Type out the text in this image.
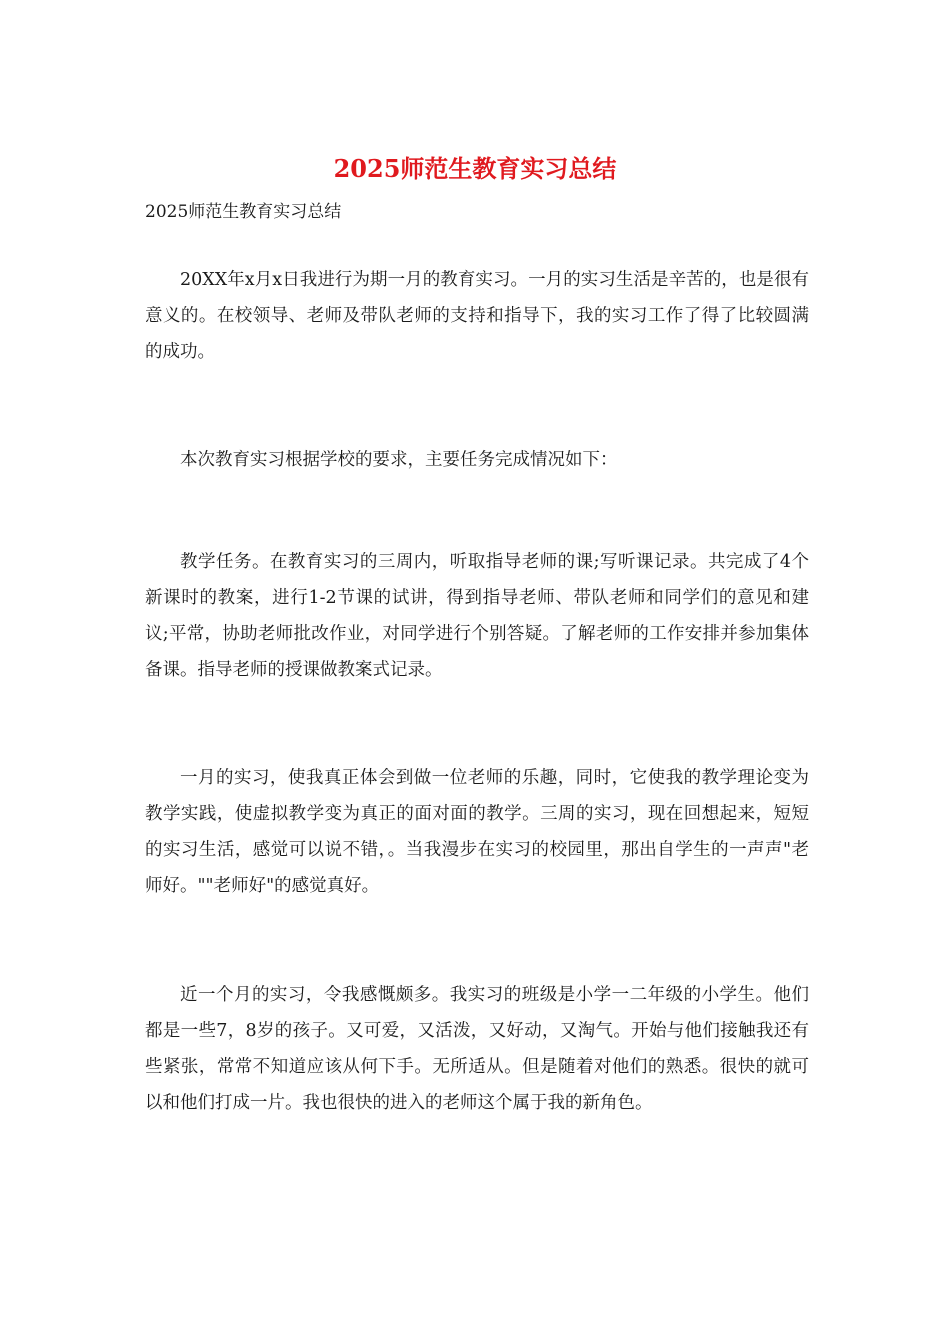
2025师范生教育实习总结

2025师范生教育实习总结

20XX年x月x日我进行为期一月的教育实习。一月的实习生活是辛苦的，也是很有意义的。在校领导、老师及带队老师的支持和指导下，我的实习工作了得了比较圆满的成功。

本次教育实习根据学校的要求，主要任务完成情况如下：

教学任务。在教育实习的三周内，听取指导老师的课;写听课记录。共完成了4个新课时的教案，进行1-2节课的试讲，得到指导老师、带队老师和同学们的意见和建议;平常，协助老师批改作业，对同学进行个别答疑。了解老师的工作安排并参加集体备课。指导老师的授课做教案式记录。

一月的实习，使我真正体会到做一位老师的乐趣，同时，它使我的教学理论变为教学实践，使虚拟教学变为真正的面对面的教学。三周的实习，现在回想起来，短短的实习生活，感觉可以说不错，。当我漫步在实习的校园里，那出自学生的一声声"老师好。""老师好"的感觉真好。

近一个月的实习，令我感慨颇多。我实习的班级是小学一二年级的小学生。他们都是一些7，8岁的孩子。又可爱，又活泼，又好动，又淘气。开始与他们接触我还有些紧张，常常不知道应该从何下手。无所适从。但是随着对他们的熟悉。很快的就可以和他们打成一片。我也很快的进入的老师这个属于我的新角色。
